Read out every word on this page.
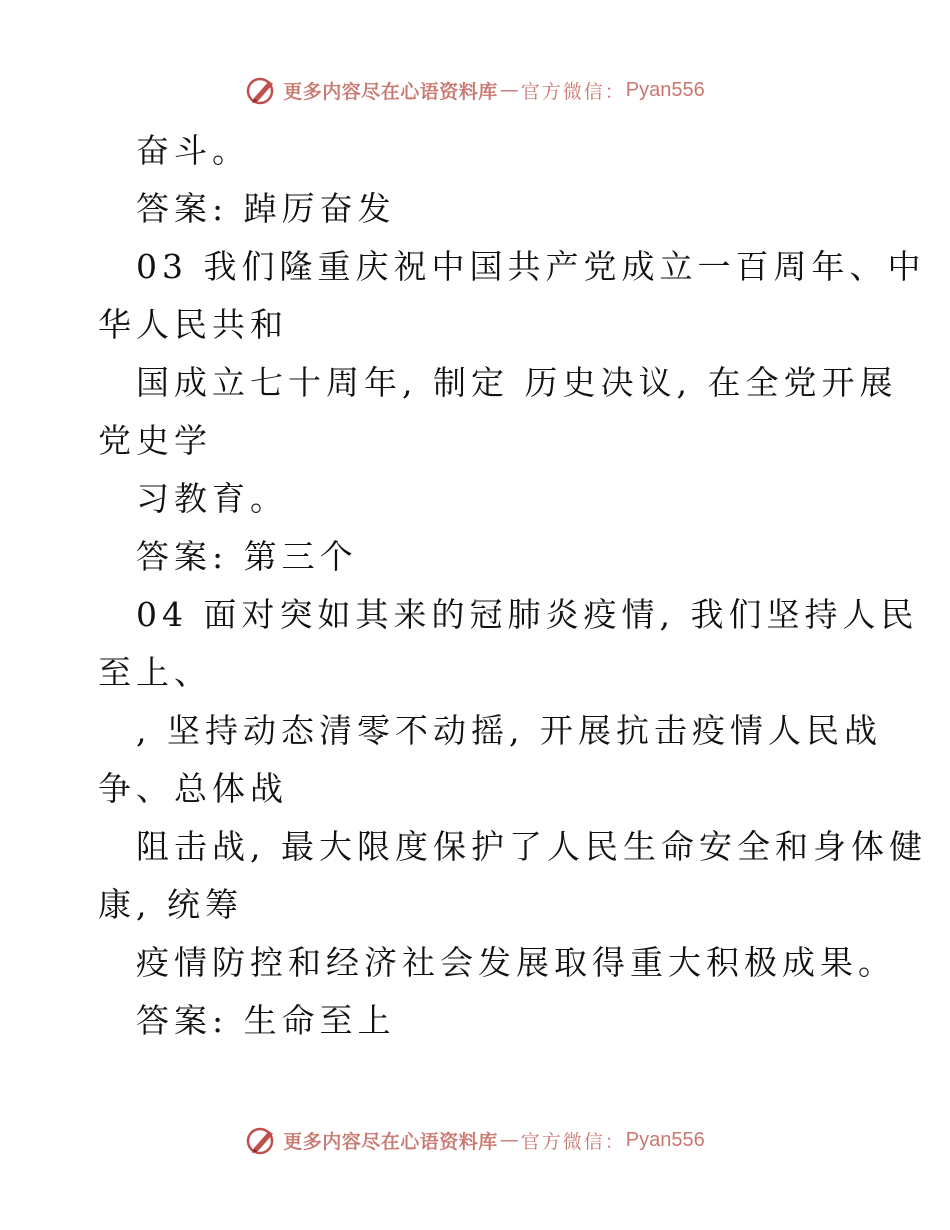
更多内容尽在心语资料库 — 官方微信： Pyan556
奋斗。
答案: 踔厉奋发
03 我们隆重庆祝中国共产党成立一百周年、中
华人民共和
国成立七十周年, 制定 历史决议, 在全党开展
党史学
习教育。
答案: 第三个
04 面对突如其来的冠肺炎疫情, 我们坚持人民
至上、
, 坚持动态清零不动摇, 开展抗击疫情人民战
争、总体战
阻击战, 最大限度保护了人民生命安全和身体健
康, 统筹
疫情防控和经济社会发展取得重大积极成果。
答案: 生命至上
更多内容尽在心语资料库 — 官方微信： Pyan556
